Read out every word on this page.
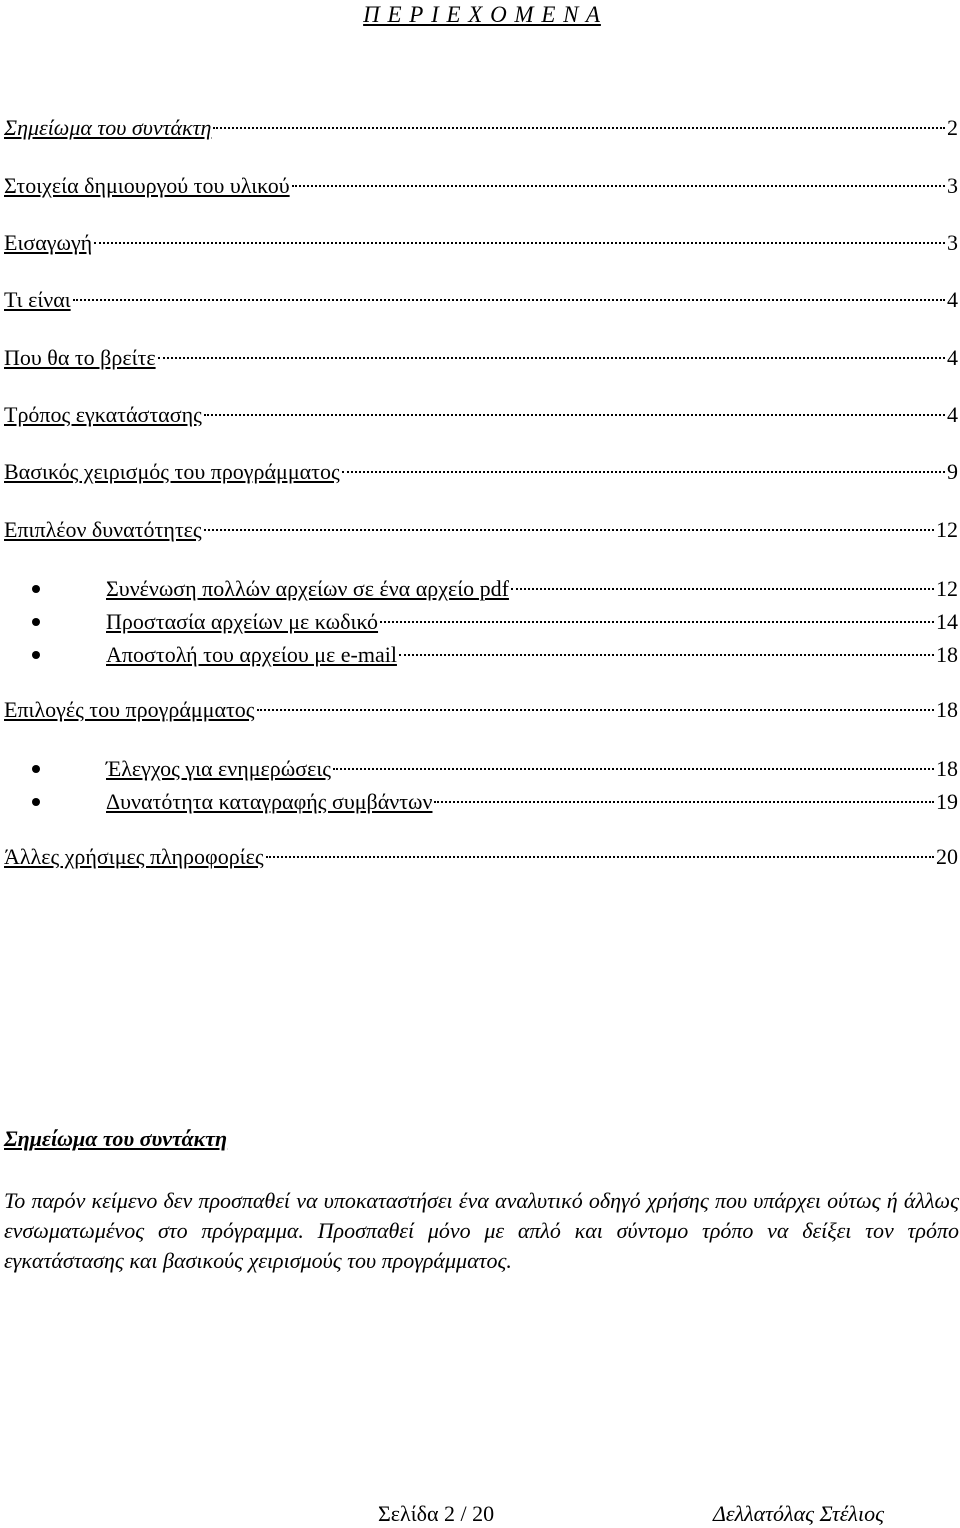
Π Ε Ρ Ι Ε Χ Ο Μ Ε Ν Α
Σημείωμα του συντάκτη	2
Στοιχεία δημιουργού του υλικού	3
Εισαγωγή	3
Τι είναι	4
Που θα το βρείτε	4
Τρόπος εγκατάστασης	4
Βασικός χειρισμός του προγράμματος	9
Επιπλέον δυνατότητες	12
Συνένωση πολλών αρχείων σε ένα αρχείο pdf	12
Προστασία αρχείων με κωδικό	14
Αποστολή του αρχείου με e-mail	18
Επιλογές του προγράμματος	18
Έλεγχος για ενημερώσεις	18
Δυνατότητα καταγραφής συμβάντων	19
Άλλες χρήσιμες πληροφορίες	20
Σημείωμα του συντάκτη
Το παρόν κείμενο δεν προσπαθεί να υποκαταστήσει ένα αναλυτικό οδηγό χρήσης που υπάρχει ούτως ή άλλως ενσωματωμένος στο πρόγραμμα. Προσπαθεί μόνο με απλό και σύντομο τρόπο να δείξει τον τρόπο εγκατάστασης και βασικούς χειρισμούς του προγράμματος.
Σελίδα 2 / 20	Δελλατόλας Στέλιος
